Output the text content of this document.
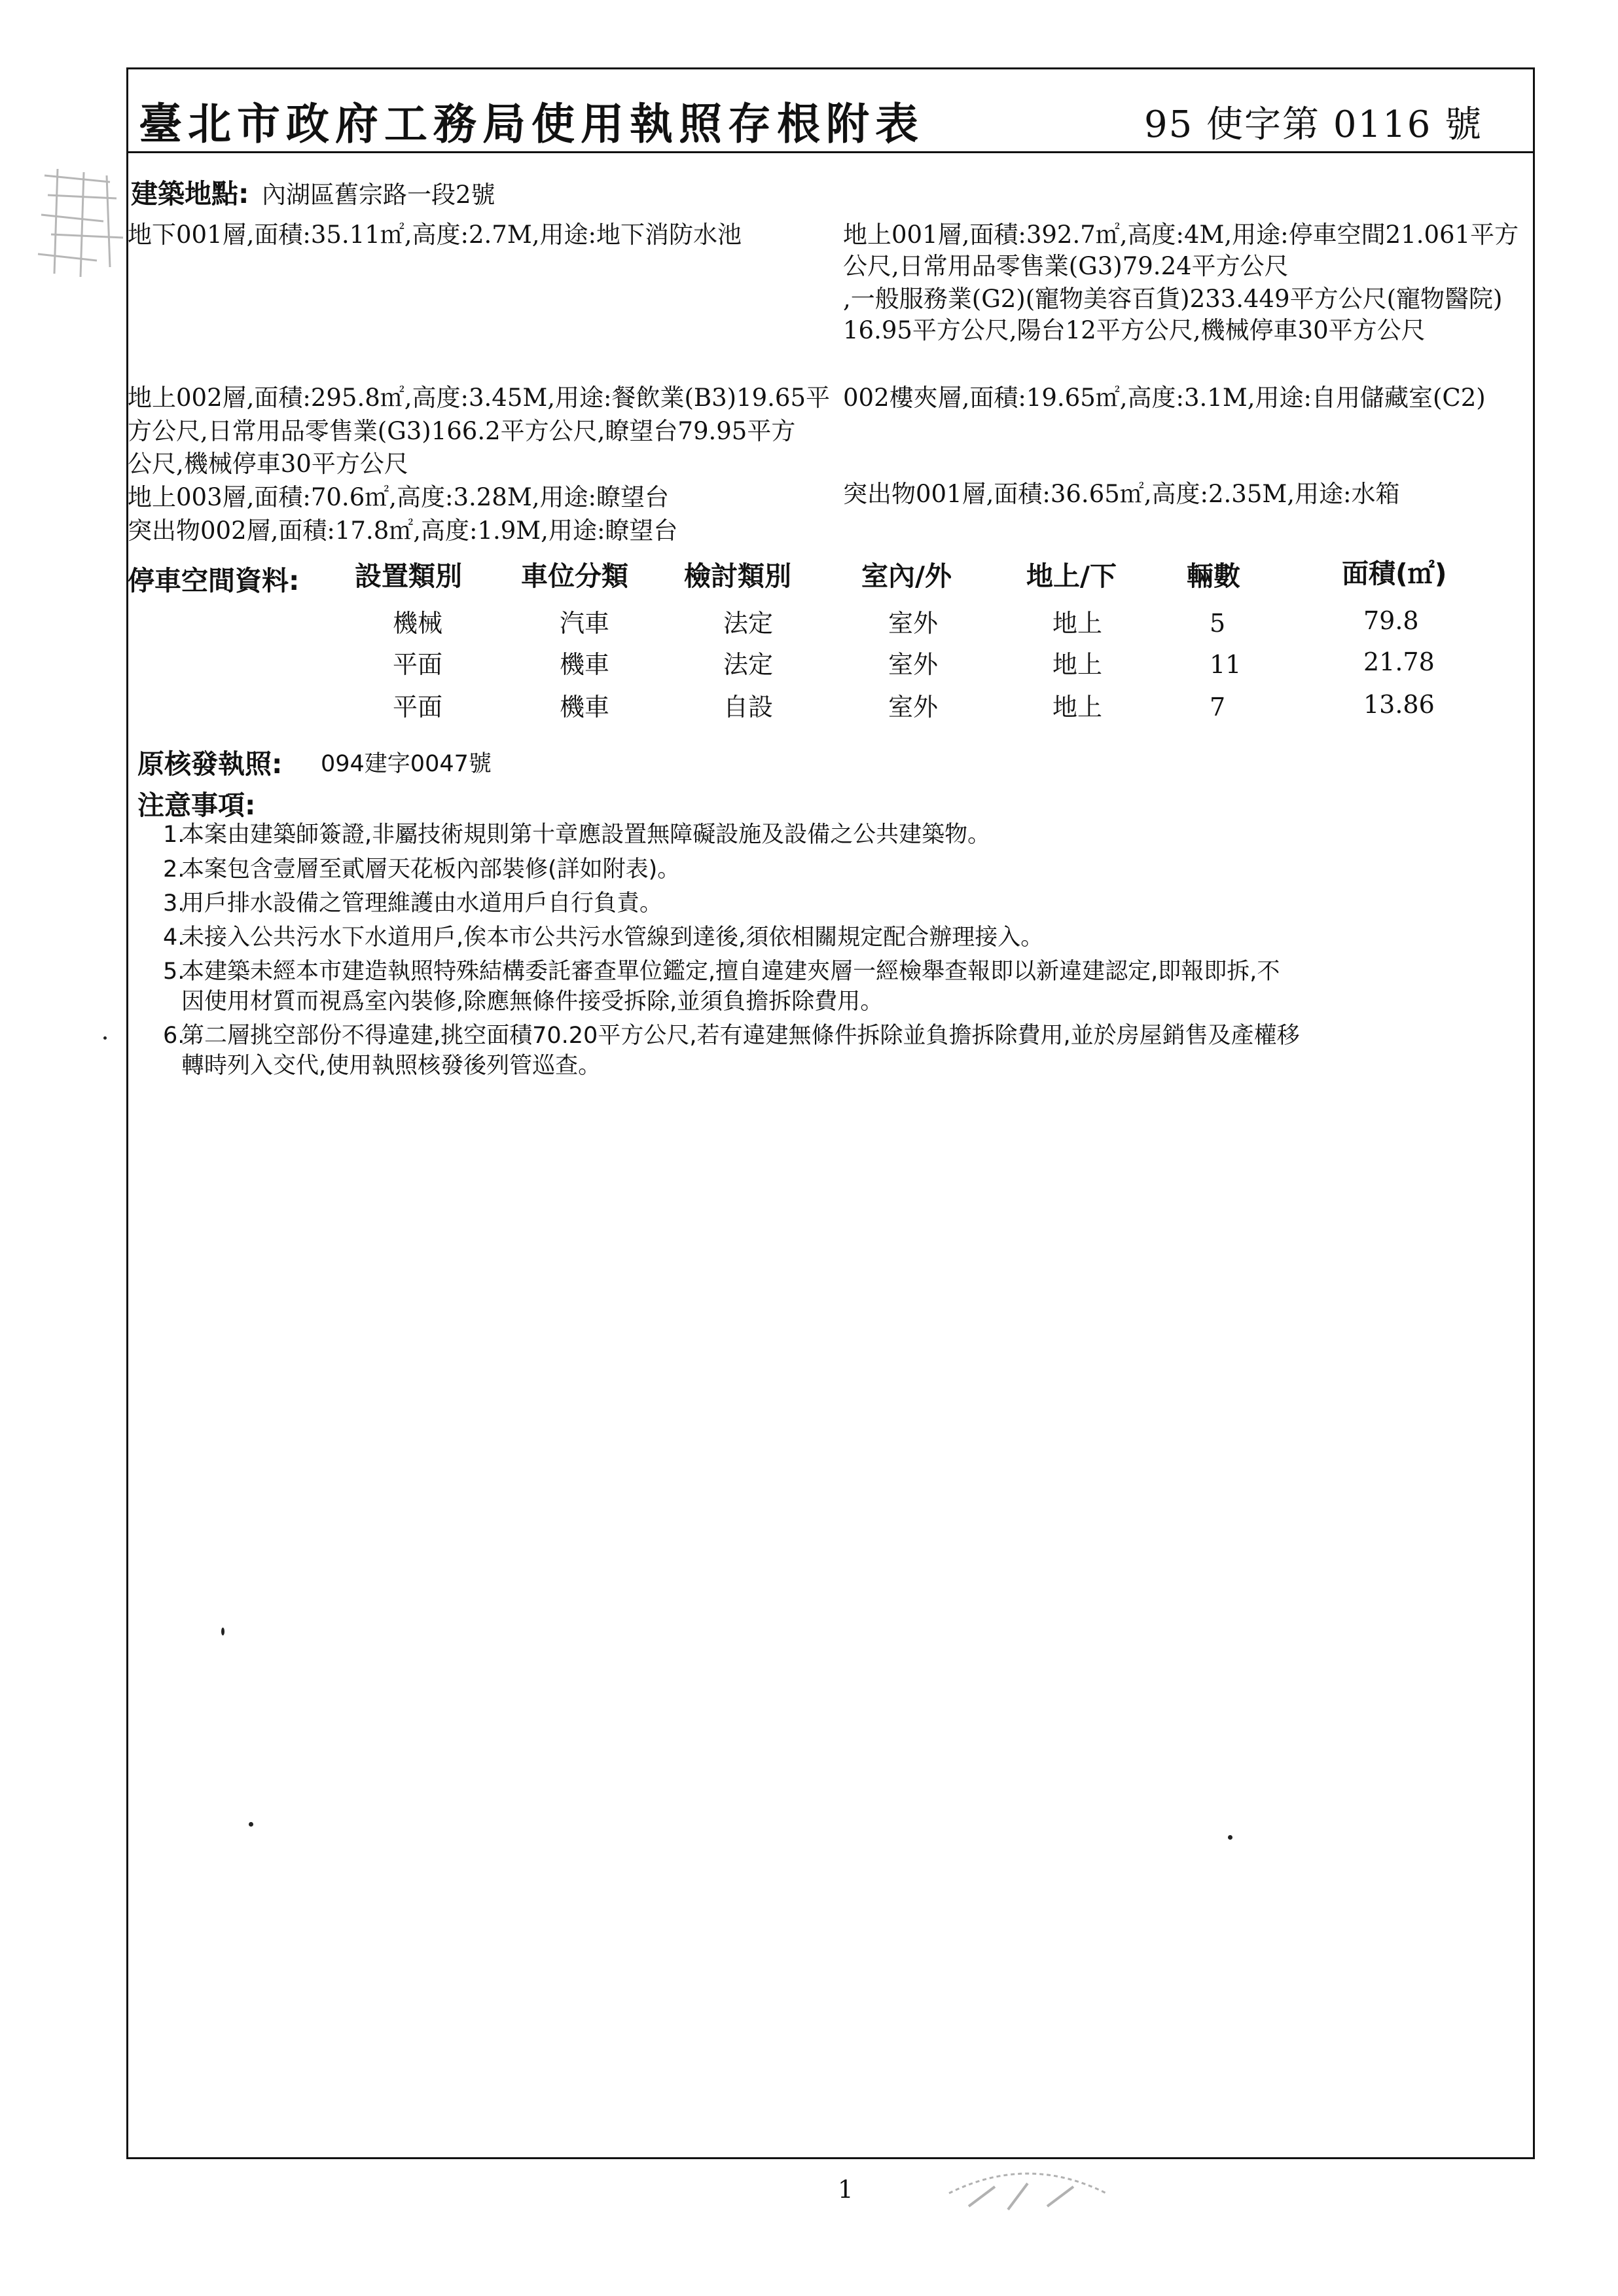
臺北市政府工務局使用執照存根附表	95 使字第 0116 號
建築地點: 內湖區舊宗路一段2號
地下001層,面積:35.11㎡,高度:2.7M,用途:地下消防水池	地上001層,面積:392.7㎡,高度:4M,用途:停車空間21.061平方
公尺,日常用品零售業(G3)79.24平方公尺
,一般服務業(G2)(寵物美容百貨)233.449平方公尺(寵物醫院)
16.95平方公尺,陽台12平方公尺,機械停車30平方公尺
地上002層,面積:295.8㎡,高度:3.45M,用途:餐飲業(B3)19.65平
方公尺,日常用品零售業(G3)166.2平方公尺,瞭望台79.95平方
公尺,機械停車30平方公尺
002樓夾層,面積:19.65㎡,高度:3.1M,用途:自用儲藏室(C2)
地上003層,面積:70.6㎡,高度:3.28M,用途:瞭望台	突出物001層,面積:36.65㎡,高度:2.35M,用途:水箱
突出物002層,面積:17.8㎡,高度:1.9M,用途:瞭望台
停車空間資料: 設置類別 車位分類 檢討類別	室內/外	地上/下	輛數	面積(㎡)
機械	汽車	法定	室外	地上	5	79.8
平面	機車	法定	室外	地上	11	21.78
平面	機車	自設	室外	地上	7	13.86
原核發執照: 094建字0047號
注意事項:
1.本案由建築師簽證,非屬技術規則第十章應設置無障礙設施及設備之公共建築物。
2.本案包含壹層至貳層天花板內部裝修(詳如附表)。
3.用戶排水設備之管理維護由水道用戶自行負責。
4.未接入公共污水下水道用戶,俟本市公共污水管線到達後,須依相關規定配合辦理接入。
5.本建築未經本市建造執照特殊結構委託審查單位鑑定,擅自違建夾層一經檢舉查報即以新違建認定,即報即拆,不
因使用材質而視爲室內裝修,除應無條件接受拆除,並須負擔拆除費用。
6.第二層挑空部份不得違建,挑空面積70.20平方公尺,若有違建無條件拆除並負擔拆除費用,並於房屋銷售及產權移
轉時列入交代,使用執照核發後列管巡查。
1
